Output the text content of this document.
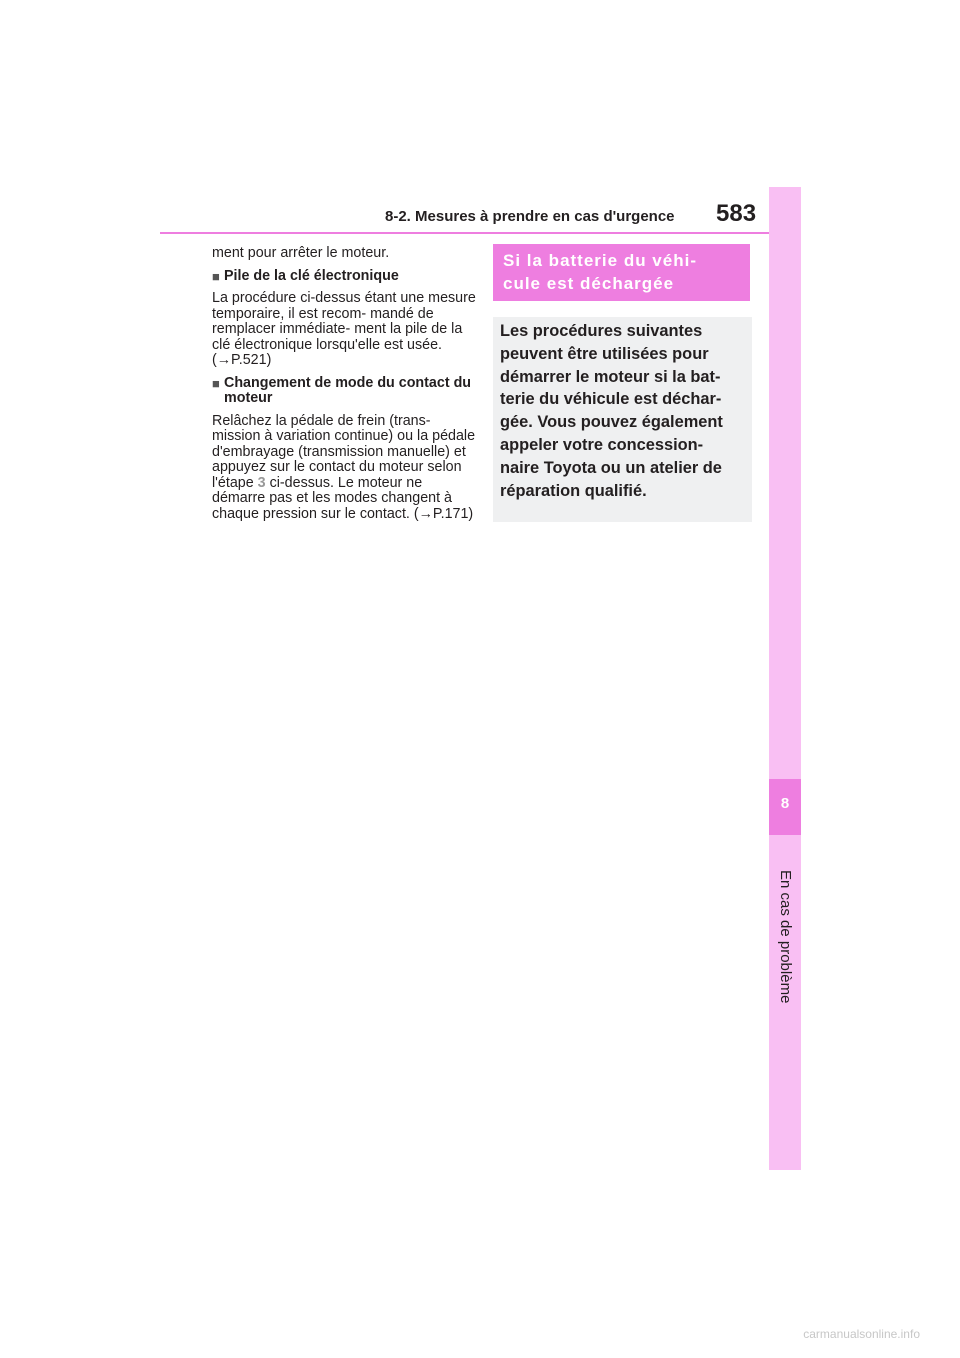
8
En cas de problème
8-2. Mesures à prendre en cas d'urgence 583

ment pour arrêter le moteur.

■ Pile de la clé électronique

La procédure ci-dessus étant une mesure temporaire, il est recom- mandé de remplacer immédiate- ment la pile de la clé électronique lorsqu'elle est usée. (→P.521)

■ Changement de mode du contact du moteur

Relâchez la pédale de frein (trans- mission à variation continue) ou la pédale d'embrayage (transmission manuelle) et appuyez sur le contact du moteur selon l'étape 3 ci-dessus. Le moteur ne démarre pas et les modes changent à chaque pression sur le contact. (→P.171)

Si la batterie du véhi- cule est déchargée
Les procédures suivantes peuvent être utilisées pour démarrer le moteur si la bat- terie du véhicule est déchar- gée. Vous pouvez également appeler votre concession- naire Toyota ou un atelier de réparation qualifié.
carmanualsonline.info
